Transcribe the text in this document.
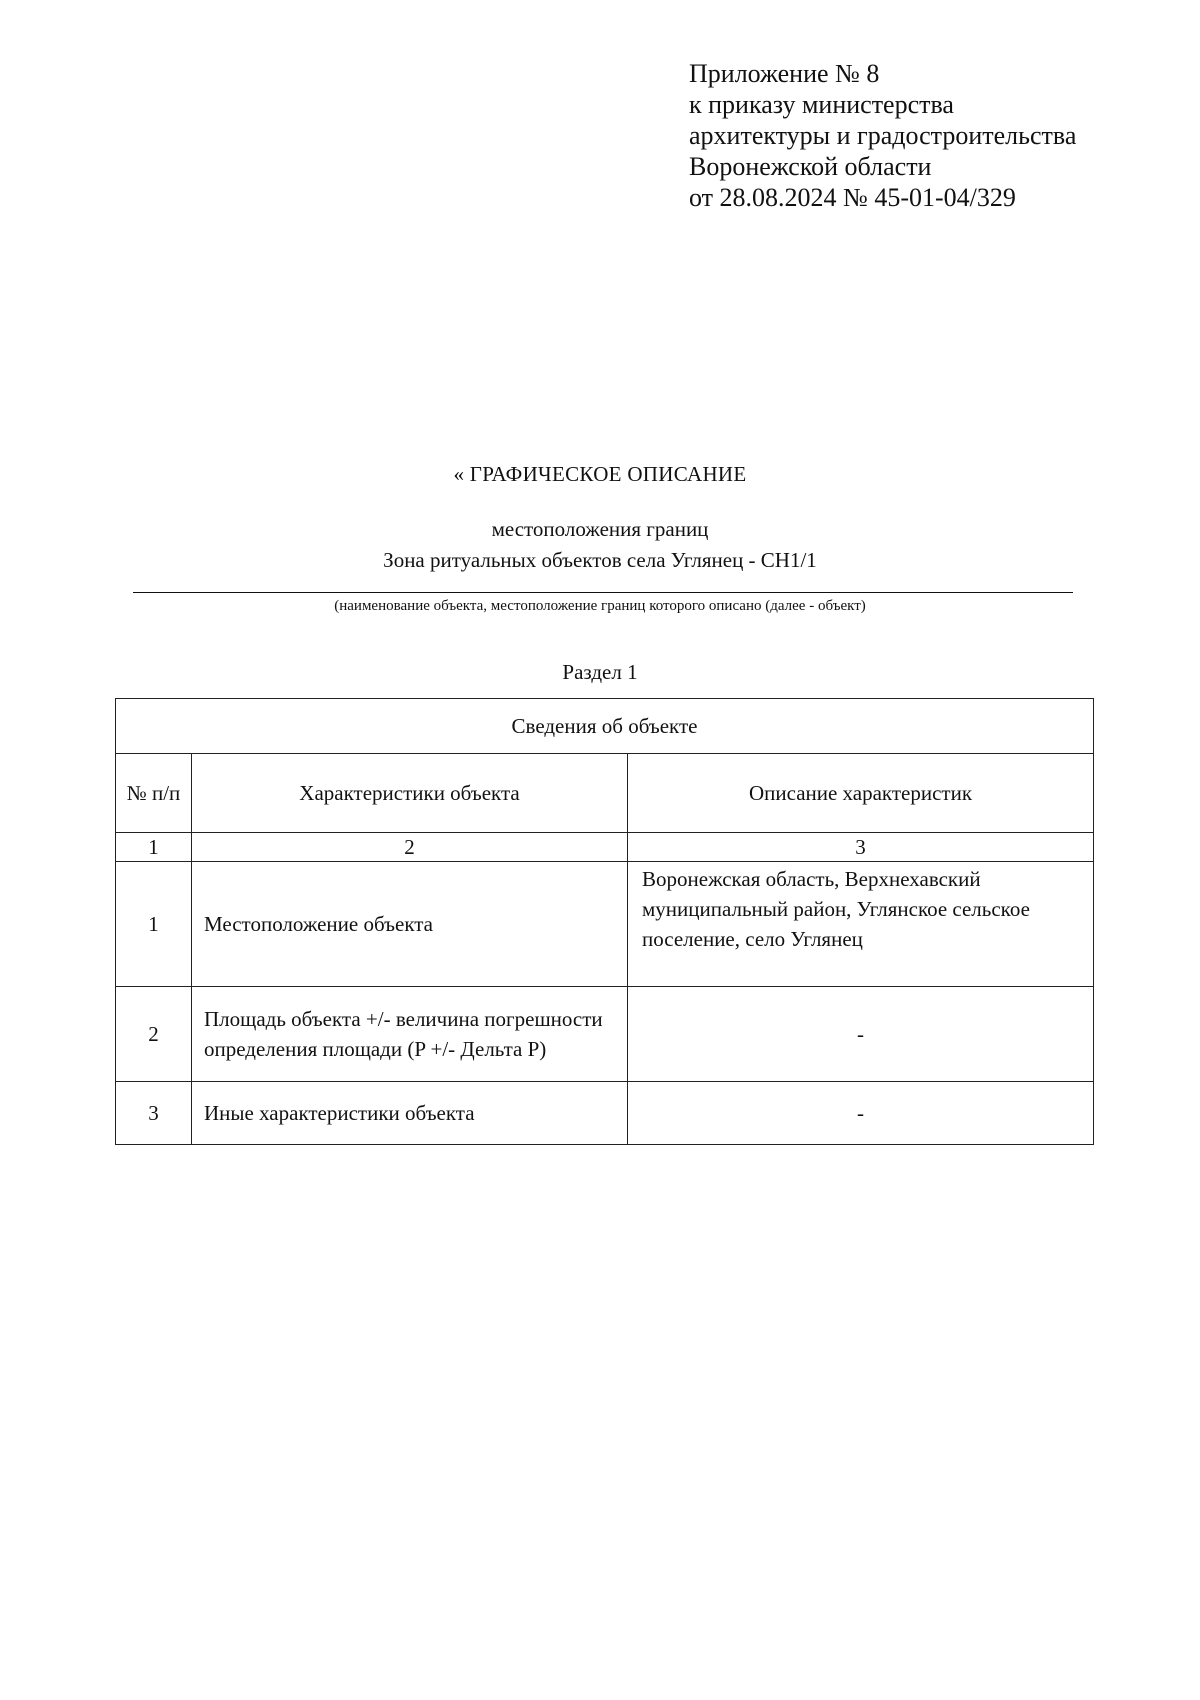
Приложение № 8
к приказу министерства
архитектуры и градостроительства
Воронежской области
от 28.08.2024 № 45-01-04/329
« ГРАФИЧЕСКОЕ ОПИСАНИЕ
местоположения границ
Зона ритуальных объектов села Углянец - СН1/1
(наименование объекта, местоположение границ которого описано (далее - объект)
Раздел 1
Сведения об объекте		
№ п/п	Характеристики объекта	Описание характеристик
1	2	3
1	Местоположение объекта	Воронежская область, Верхнехавский муниципальный район, Углянское сельское поселение, село Углянец
2	Площадь объекта +/- величина погрешности определения площади (P +/- Дельта P)	-
3	Иные характеристики объекта	-
